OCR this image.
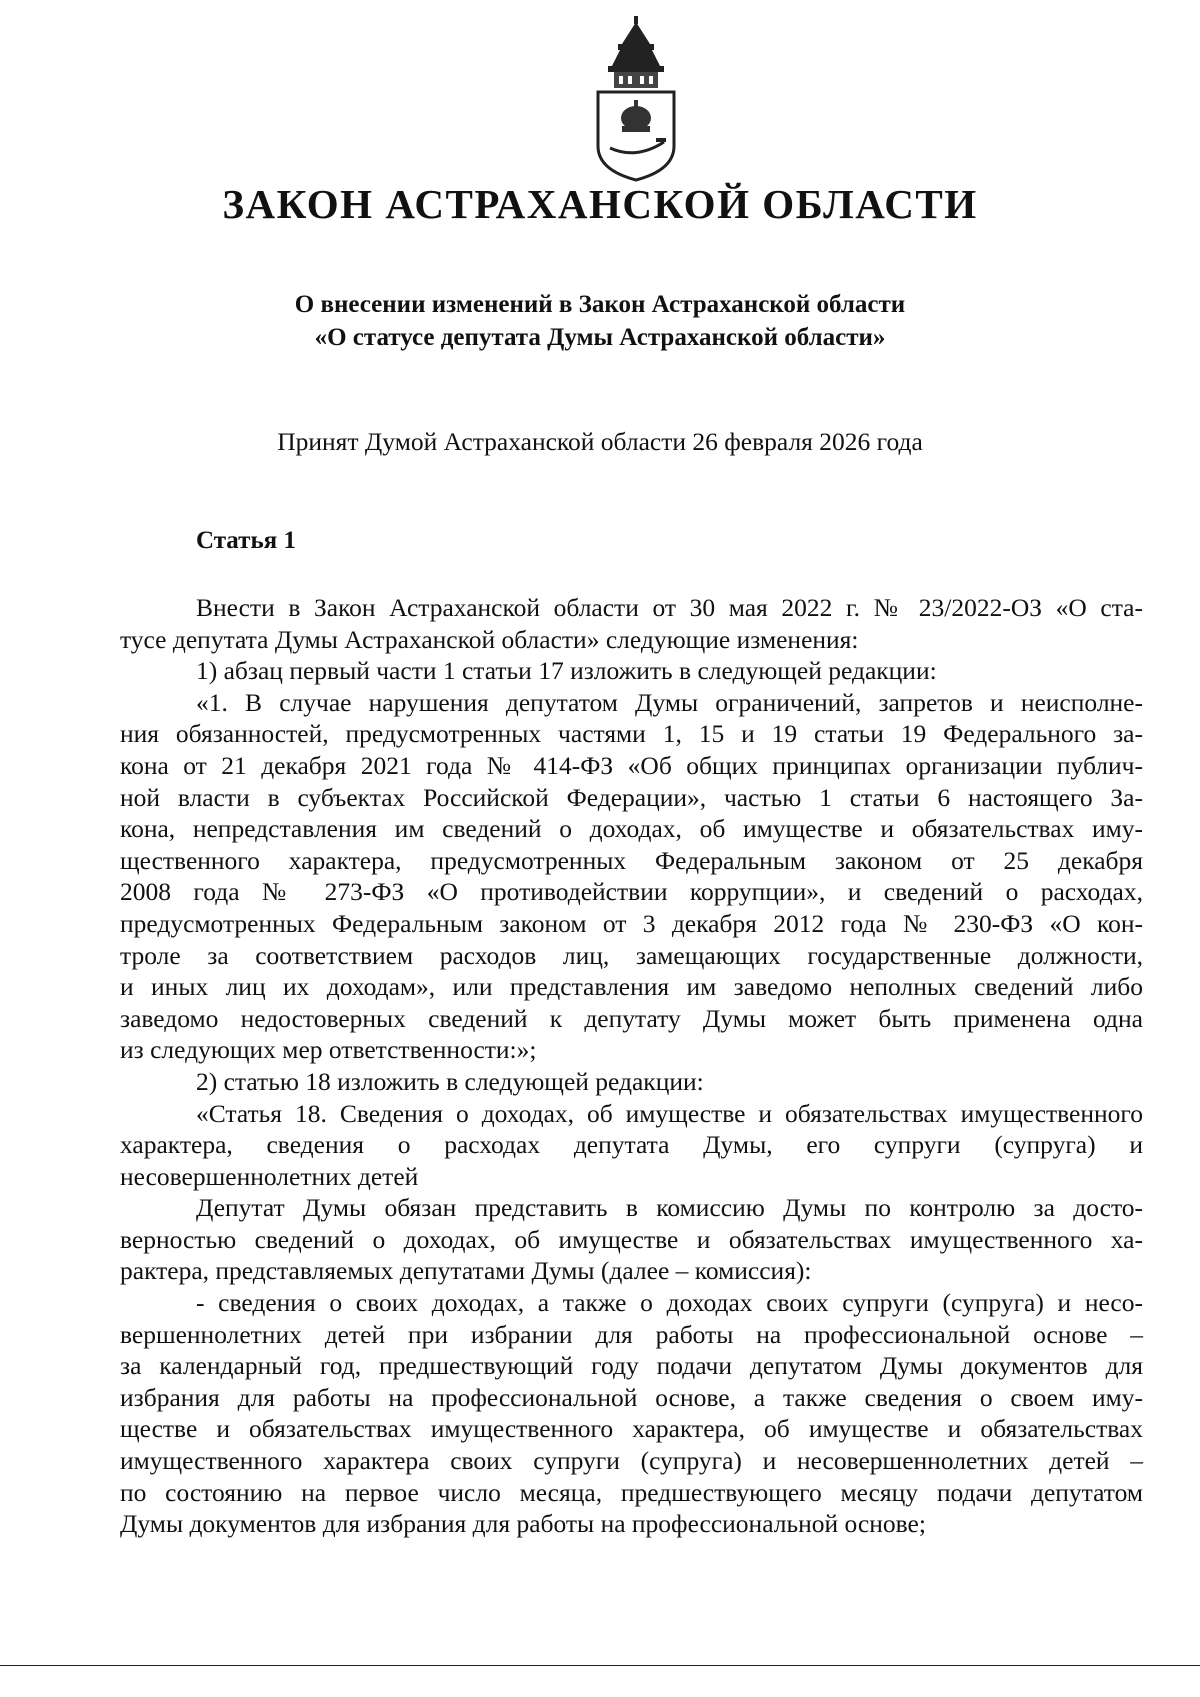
ЗАКОН АСТРАХАНСКОЙ ОБЛАСТИ
О внесении изменений в Закон Астраханской области
«О статусе депутата Думы Астраханской области»
Принят Думой Астраханской области 26 февраля 2026 года
Статья 1
Внести в Закон Астраханской области от 30 мая 2022 г. № 23/2022-ОЗ «О ста-
тусе депутата Думы Астраханской области» следующие изменения:
1) абзац первый части 1 статьи 17 изложить в следующей редакции:
«1. В случае нарушения депутатом Думы ограничений, запретов и неисполне-
ния обязанностей, предусмотренных частями 1, 15 и 19 статьи 19 Федерального за-
кона от 21 декабря 2021 года № 414-ФЗ «Об общих принципах организации публич-
ной власти в субъектах Российской Федерации», частью 1 статьи 6 настоящего За-
кона, непредставления им сведений о доходах, об имуществе и обязательствах иму-
щественного характера, предусмотренных Федеральным законом от 25 декабря
2008 года № 273-ФЗ «О противодействии коррупции», и сведений о расходах,
предусмотренных Федеральным законом от 3 декабря 2012 года № 230-ФЗ «О кон-
троле за соответствием расходов лиц, замещающих государственные должности,
и иных лиц их доходам», или представления им заведомо неполных сведений либо
заведомо недостоверных сведений к депутату Думы может быть применена одна
из следующих мер ответственности:»;
2) статью 18 изложить в следующей редакции:
«Статья 18. Сведения о доходах, об имуществе и обязательствах имущественного
характера, сведения о расходах депутата Думы, его супруги (супруга) и
несовершеннолетних детей
Депутат Думы обязан представить в комиссию Думы по контролю за досто-
верностью сведений о доходах, об имуществе и обязательствах имущественного ха-
рактера, представляемых депутатами Думы (далее – комиссия):
- сведения о своих доходах, а также о доходах своих супруги (супруга) и несо-
вершеннолетних детей при избрании для работы на профессиональной основе –
за календарный год, предшествующий году подачи депутатом Думы документов для
избрания для работы на профессиональной основе, а также сведения о своем иму-
ществе и обязательствах имущественного характера, об имуществе и обязательствах
имущественного характера своих супруги (супруга) и несовершеннолетних детей –
по состоянию на первое число месяца, предшествующего месяцу подачи депутатом
Думы документов для избрания для работы на профессиональной основе;
